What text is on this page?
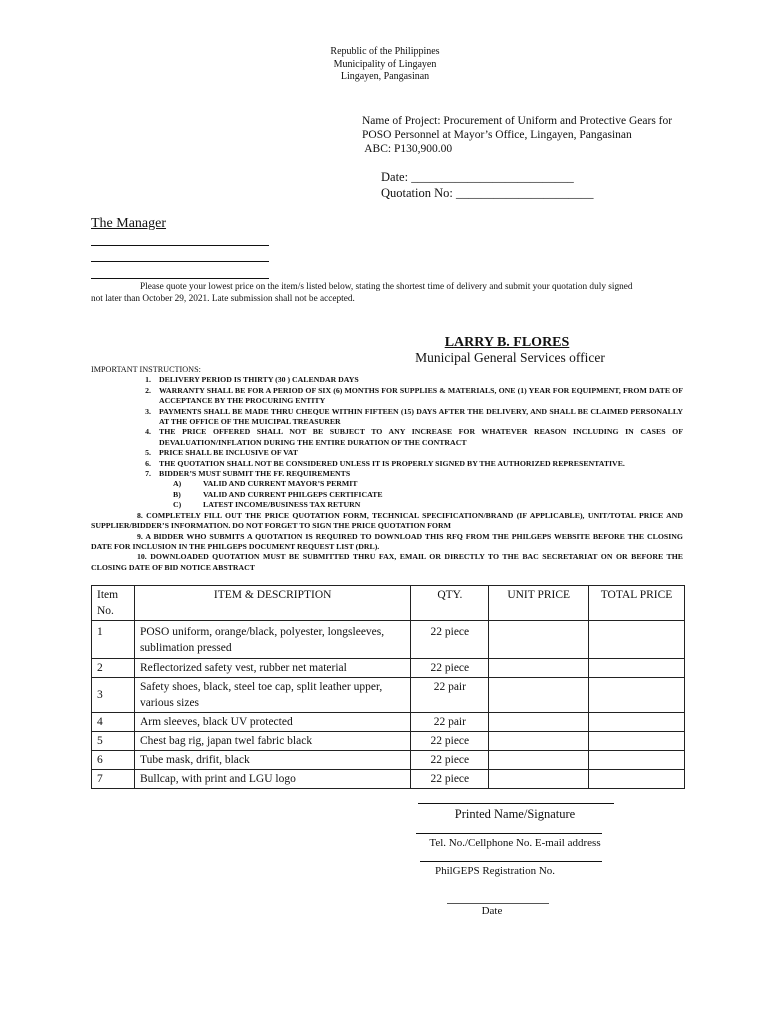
Republic of the Philippines
Municipality of Lingayen
Lingayen, Pangasinan
Name of Project: Procurement of Uniform and Protective Gears for
POSO Personnel at Mayor’s Office, Lingayen, Pangasinan
ABC: P130,900.00
Date: __________________________
Quotation No: ______________________
The Manager
Please quote your lowest price on the item/s listed below, stating the shortest time of delivery and submit your quotation duly signed
not later than October 29, 2021. Late submission shall not be accepted.
LARRY B. FLORES
Municipal General Services officer
IMPORTANT INSTRUCTIONS:
1.	DELIVERY PERIOD IS THIRTY (30 ) CALENDAR DAYS
2.	WARRANTY SHALL BE FOR A PERIOD OF SIX (6) MONTHS FOR SUPPLIES & MATERIALS, ONE (1) YEAR FOR EQUIPMENT, FROM DATE OF ACCEPTANCE BY THE PROCURING ENTITY
3.	PAYMENTS SHALL BE MADE THRU CHEQUE WITHIN FIFTEEN (15) DAYS AFTER THE DELIVERY, AND SHALL BE CLAIMED PERSONALLY AT THE OFFICE OF THE MUICIPAL TREASURER
4.	THE PRICE OFFERED SHALL NOT BE SUBJECT TO ANY INCREASE FOR WHATEVER REASON INCLUDING IN CASES OF DEVALUATION/INFLATION DURING THE ENTIRE DURATION OF THE CONTRACT
5.	PRICE SHALL BE INCLUSIVE OF VAT
6.	THE QUOTATION SHALL NOT BE CONSIDERED UNLESS IT IS PROPERLY SIGNED BY THE AUTHORIZED REPRESENTATIVE.
7.	BIDDER’S MUST SUBMIT THE FF. REQUIREMENTS
A)	VALID AND CURRENT MAYOR’S PERMIT
B)	VALID AND CURRENT PHILGEPS CERTIFICATE
C)	LATEST INCOME/BUSINESS TAX RETURN
8. COMPLETELY FILL OUT THE PRICE QUOTATION FORM, TECHNICAL SPECIFICATION/BRAND (IF APPLICABLE), UNIT/TOTAL PRICE AND SUPPLIER/BIDDER’S INFORMATION. DO NOT FORGET TO SIGN THE PRICE QUOTATION FORM
9. A BIDDER WHO SUBMITS A QUOTATION IS REQUIRED TO DOWNLOAD THIS RFQ FROM THE PHILGEPS WEBSITE BEFORE THE CLOSING DATE FOR INCLUSION IN THE PHILGEPS DOCUMENT REQUEST LIST (DRL).
10. DOWNLOADED QUOTATION MUST BE SUBMITTED THRU FAX, EMAIL OR DIRECTLY TO THE BAC SECRETARIAT ON OR BEFORE THE CLOSING DATE OF BID NOTICE ABSTRACT
Item
No.	ITEM & DESCRIPTION	QTY.	UNIT PRICE	TOTAL PRICE
1	POSO uniform, orange/black, polyester, longsleeves, sublimation pressed	22 piece		
2	Reflectorized safety vest, rubber net material	22 piece		
3	Safety shoes, black, steel toe cap, split leather upper, various sizes	22 pair		
4	Arm sleeves, black UV protected	22 pair		
5	Chest bag rig, japan twel fabric black	22 piece		
6	Tube mask, drifit, black	22 piece		
7	Bullcap, with print and LGU logo	22 piece		
Printed Name/Signature
Tel. No./Cellphone No. E-mail address
PhilGEPS Registration No.
Date
